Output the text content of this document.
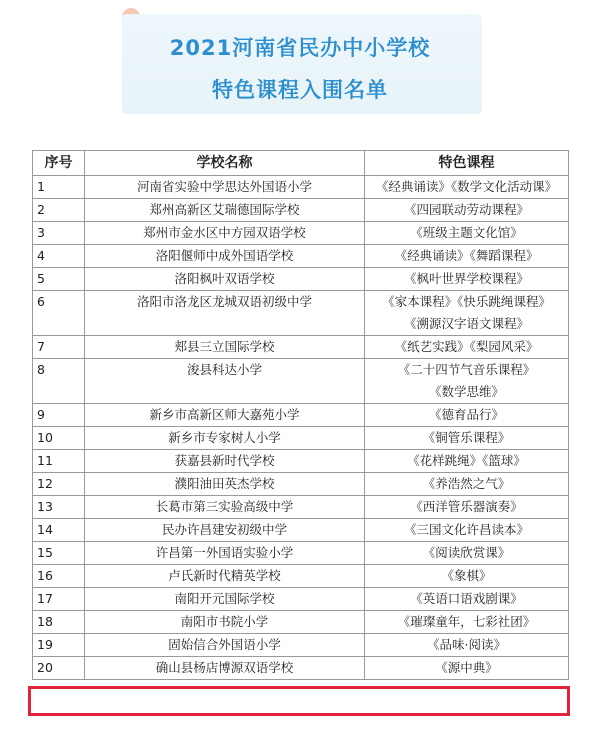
2021河南省民办中小学校
特色课程入围名单
序号	学校名称	特色课程
1	河南省实验中学思达外国语小学	《经典诵读》《数学文化活动课》

2	郑州高新区艾瑞德国际学校	《四园联动劳动课程》

3	郑州市金水区中方园双语学校	《班级主题文化馆》

4	洛阳偃师中成外国语学校	《经典诵读》《舞蹈课程》

5	洛阳枫叶双语学校	《枫叶世界学校课程》

6	洛阳市洛龙区龙城双语初级中学	《家本课程》《快乐跳绳课程》
《溯源汉字语文课程》

7	郏县三立国际学校	《纸艺实践》《梨园风采》

8	浚县科达小学	《二十四节气音乐课程》
《数学思维》

9	新乡市高新区师大嘉苑小学	《德育品行》

10	新乡市专家树人小学	《铜管乐课程》

11	获嘉县新时代学校	《花样跳绳》《篮球》

12	濮阳油田英杰学校	《养浩然之气》

13	长葛市第三实验高级中学	《西洋管乐器演奏》

14	民办许昌建安初级中学	《三国文化许昌读本》

15	许昌第一外国语实验小学	《阅读欣赏课》

16	卢氏新时代精英学校	《象棋》

17	南阳开元国际学校	《英语口语戏剧课》

18	南阳市书院小学	《璀璨童年，七彩社团》

19	固始信合外国语小学	《品味·阅读》

20	确山县杨店博源双语学校	《源中典》
